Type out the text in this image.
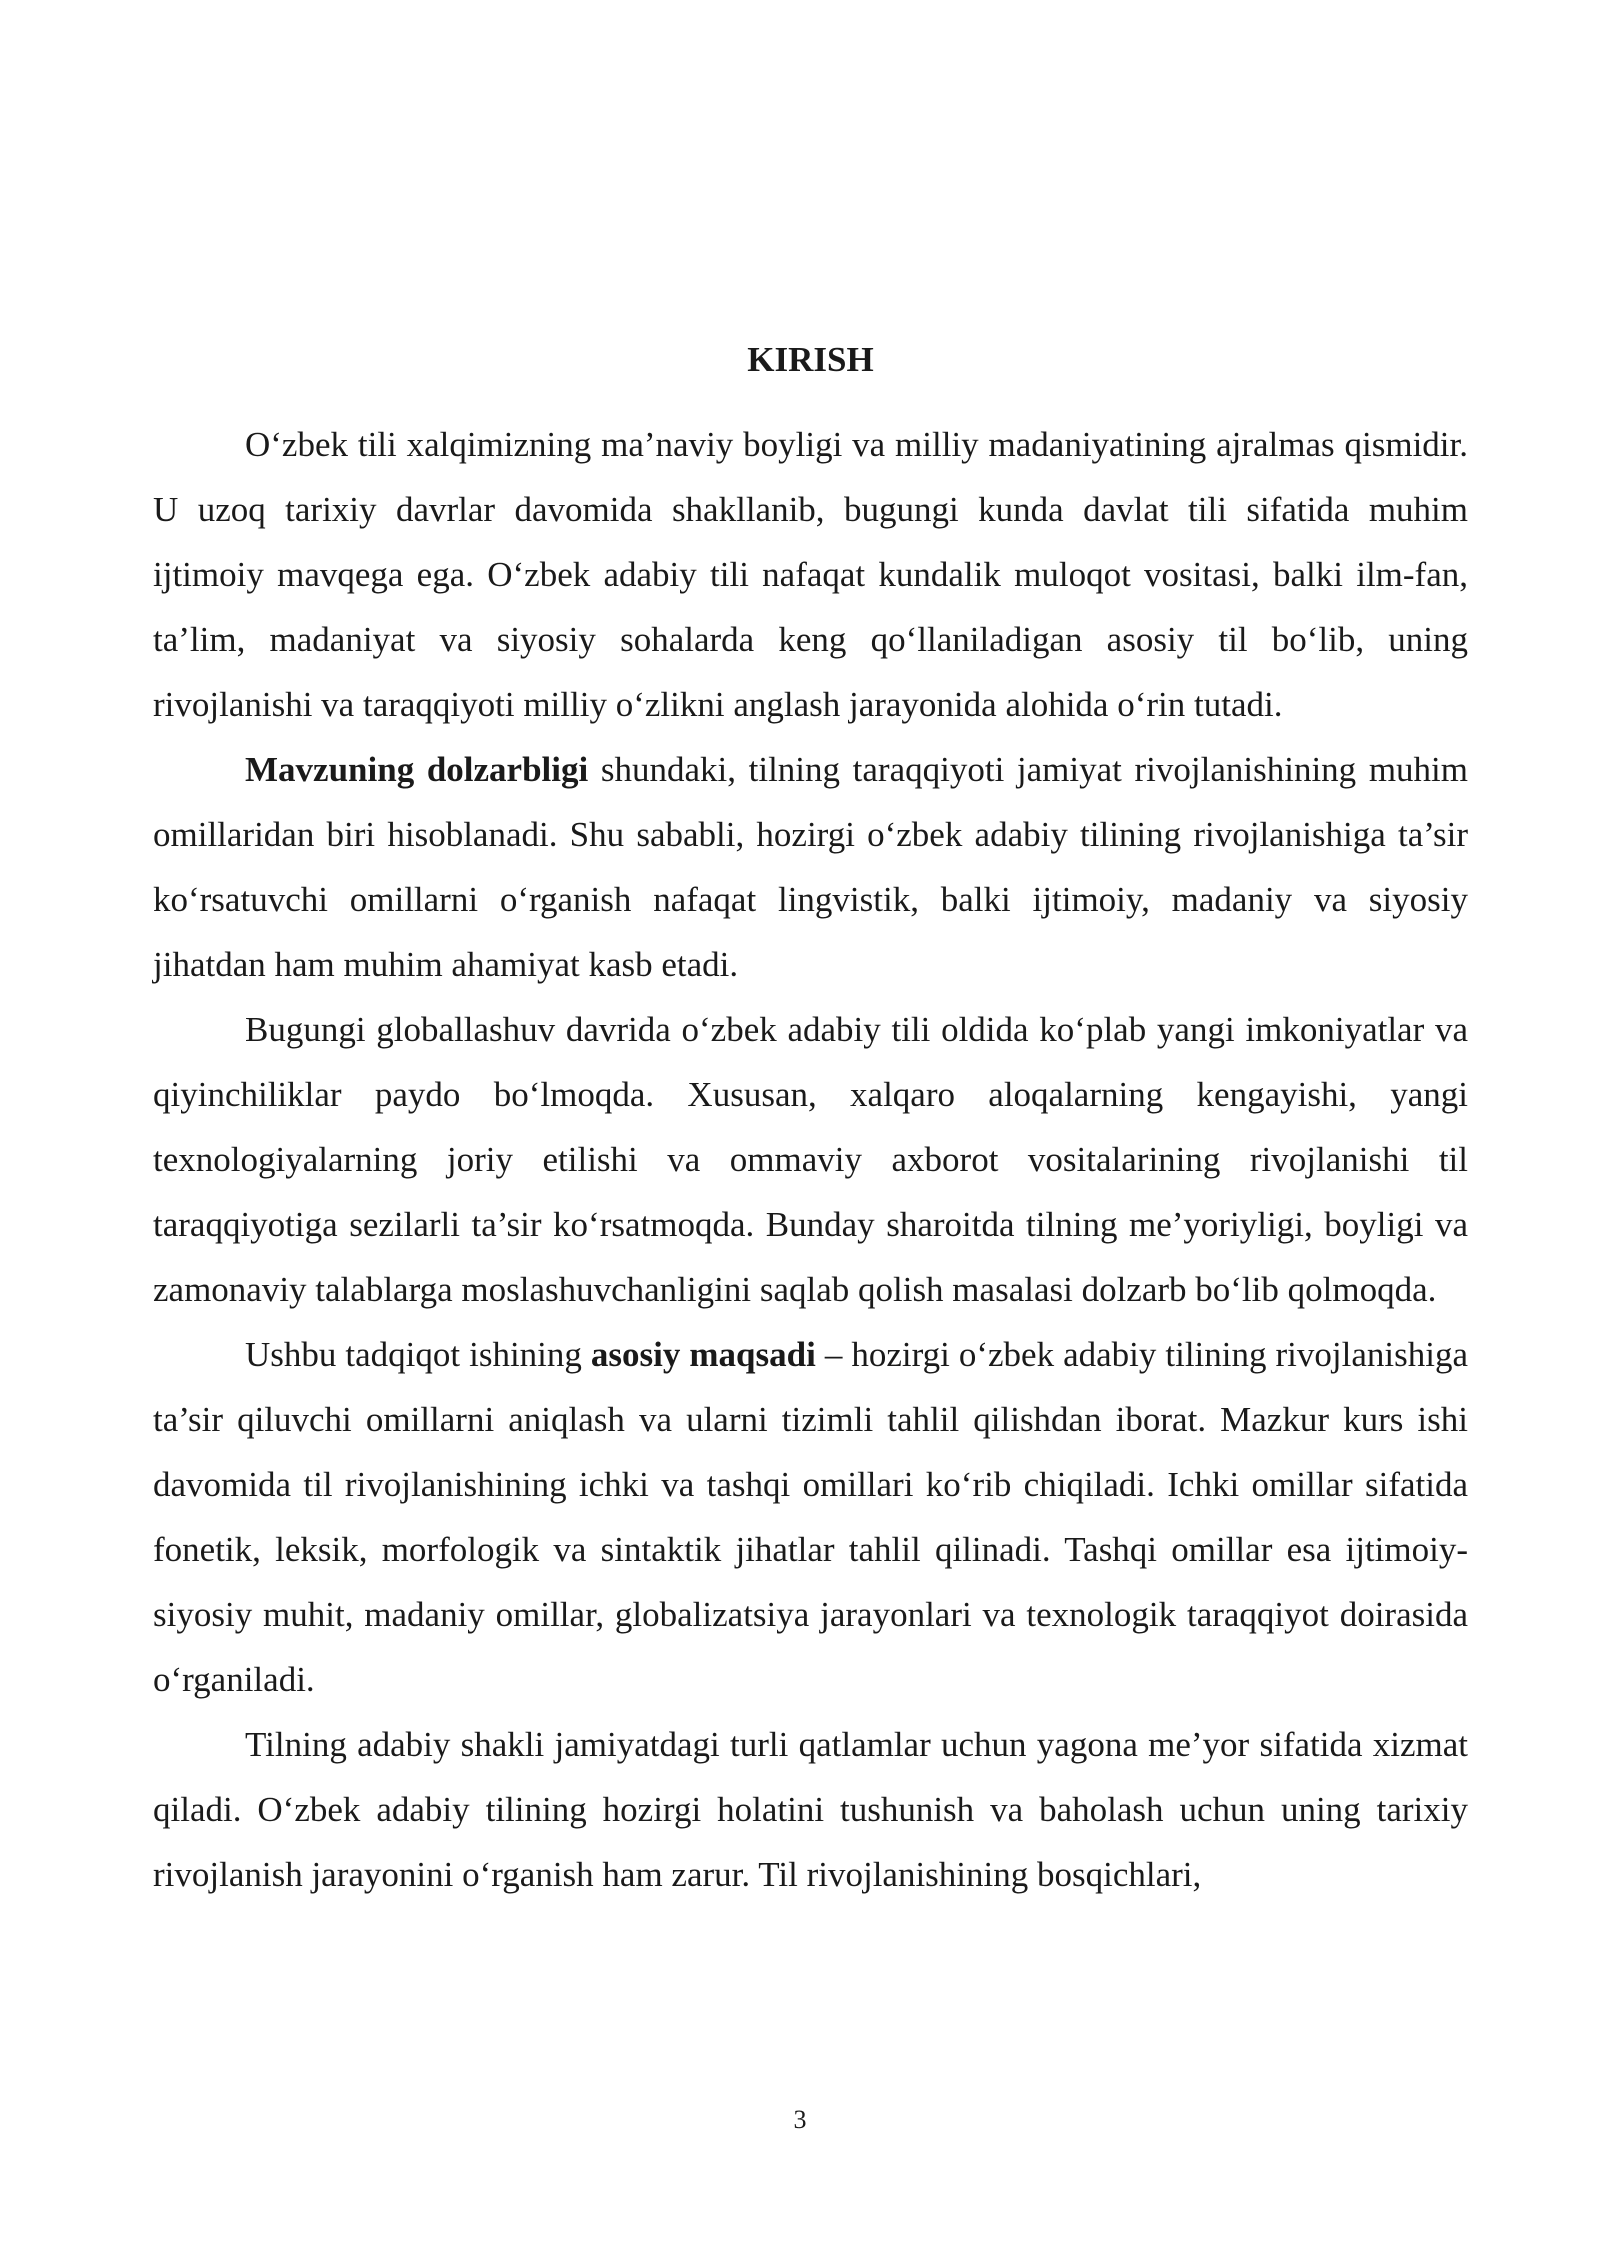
KIRISH

O‘zbek tili xalqimizning ma’naviy boyligi va milliy madaniyatining ajralmas qismidir. U uzoq tarixiy davrlar davomida shakllanib, bugungi kunda davlat tili sifatida muhim ijtimoiy mavqega ega. O‘zbek adabiy tili nafaqat kundalik muloqot vositasi, balki ilm-fan, ta’lim, madaniyat va siyosiy sohalarda keng qo‘llaniladigan asosiy til bo‘lib, uning rivojlanishi va taraqqiyoti milliy o‘zlikni anglash jarayonida alohida o‘rin tutadi.

Mavzuning dolzarbligi shundaki, tilning taraqqiyoti jamiyat rivojlanishining muhim omillaridan biri hisoblanadi. Shu sababli, hozirgi o‘zbek adabiy tilining rivojlanishiga ta’sir ko‘rsatuvchi omillarni o‘rganish nafaqat lingvistik, balki ijtimoiy, madaniy va siyosiy jihatdan ham muhim ahamiyat kasb etadi.

Bugungi globallashuv davrida o‘zbek adabiy tili oldida ko‘plab yangi imkoniyatlar va qiyinchiliklar paydo bo‘lmoqda. Xususan, xalqaro aloqalarning kengayishi, yangi texnologiyalarning joriy etilishi va ommaviy axborot vositalarining rivojlanishi til taraqqiyotiga sezilarli ta’sir ko‘rsatmoqda. Bunday sharoitda tilning me’yoriyligi, boyligi va zamonaviy talablarga moslashuvchanligini saqlab qolish masalasi dolzarb bo‘lib qolmoqda.

Ushbu tadqiqot ishining asosiy maqsadi – hozirgi o‘zbek adabiy tilining rivojlanishiga ta’sir qiluvchi omillarni aniqlash va ularni tizimli tahlil qilishdan iborat. Mazkur kurs ishi davomida til rivojlanishining ichki va tashqi omillari ko‘rib chiqiladi. Ichki omillar sifatida fonetik, leksik, morfologik va sintaktik jihatlar tahlil qilinadi. Tashqi omillar esa ijtimoiy-siyosiy muhit, madaniy omillar, globalizatsiya jarayonlari va texnologik taraqqiyot doirasida o‘rganiladi.

Tilning adabiy shakli jamiyatdagi turli qatlamlar uchun yagona me’yor sifatida xizmat qiladi. O‘zbek adabiy tilining hozirgi holatini tushunish va baholash uchun uning tarixiy rivojlanish jarayonini o‘rganish ham zarur. Til rivojlanishining bosqichlari,

3
